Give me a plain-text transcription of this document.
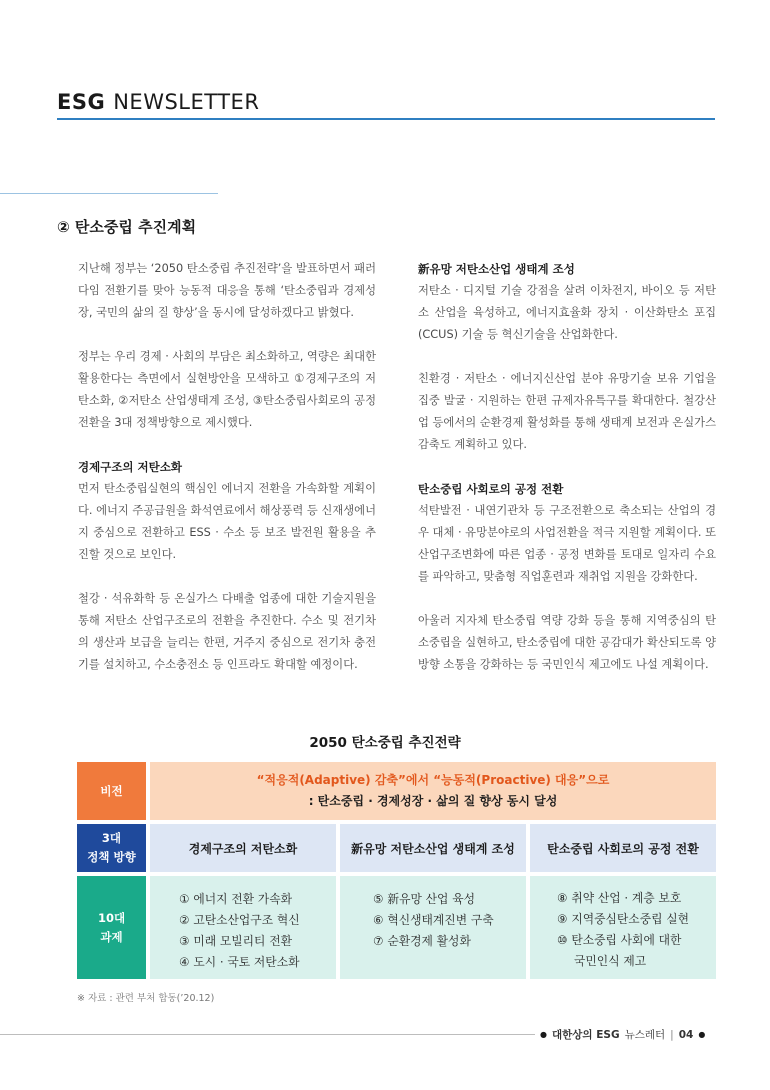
ESG NEWSLETTER
② 탄소중립 추진계획

지난해 정부는 ‘2050 탄소중립 추진전략’을 발표하면서 패러다임 전환기를 맞아 능동적 대응을 통해 ‘탄소중립과 경제성장, 국민의 삶의 질 향상’을 동시에 달성하겠다고 밝혔다.

정부는 우리 경제 · 사회의 부담은 최소화하고, 역량은 최대한 활용한다는 측면에서 실현방안을 모색하고 ①경제구조의 저탄소화, ②저탄소 산업생태계 조성, ③탄소중립사회로의 공정전환을 3대 정책방향으로 제시했다.

경제구조의 저탄소화

먼저 탄소중립실현의 핵심인 에너지 전환을 가속화할 계획이다. 에너지 주공급원을 화석연료에서 해상풍력 등 신재생에너지 중심으로 전환하고 ESS · 수소 등 보조 발전원 활용을 추진할 것으로 보인다.

철강 · 석유화학 등 온실가스 다배출 업종에 대한 기술지원을 통해 저탄소 산업구조로의 전환을 추진한다. 수소 및 전기차의 생산과 보급을 늘리는 한편, 거주지 중심으로 전기차 충전기를 설치하고, 수소충전소 등 인프라도 확대할 예정이다.

新유망 저탄소산업 생태계 조성

저탄소 · 디지털 기술 강점을 살려 이차전지, 바이오 등 저탄소 산업을 육성하고, 에너지효율화 장치 · 이산화탄소 포집(CCUS) 기술 등 혁신기술을 산업화한다.

친환경 · 저탄소 · 에너지신산업 분야 유망기술 보유 기업을 집중 발굴 · 지원하는 한편 규제자유특구를 확대한다. 철강산업 등에서의 순환경제 활성화를 통해 생태계 보전과 온실가스 감축도 계획하고 있다.

탄소중립 사회로의 공정 전환

석탄발전 · 내연기관차 등 구조전환으로 축소되는 산업의 경우 대체 · 유망분야로의 사업전환을 적극 지원할 계획이다. 또 산업구조변화에 따른 업종 · 공정 변화를 토대로 일자리 수요를 파악하고, 맞춤형 직업훈련과 재취업 지원을 강화한다.

아울러 지자체 탄소중립 역량 강화 등을 통해 지역중심의 탄소중립을 실현하고, 탄소중립에 대한 공감대가 확산되도록 양방향 소통을 강화하는 등 국민인식 제고에도 나설 계획이다.

2050 탄소중립 추진전략
비전
“적응적(Adaptive) 감축”에서 “능동적(Proactive) 대응”으로
: 탄소중립 · 경제성장 · 삶의 질 향상 동시 달성
3대
정책 방향
경제구조의 저탄소화	新유망 저탄소산업 생태계 조성	탄소중립 사회로의 공정 전환
10대
과제
① 에너지 전환 가속화
② 고탄소산업구조 혁신
③ 미래 모빌리티 전환
④ 도시 · 국토 저탄소화
⑤ 新유망 산업 육성
⑥ 혁신생태계진변 구축
⑦ 순환경제 활성화
⑧ 취약 산업 · 계층 보호
⑨ 지역중심탄소중립 실현
⑩ 탄소중립 사회에 대한
국민인식 제고
※ 자료 : 관련 부처 합동(’20.12)
● 대한상의 ESG 뉴스레터 | 04 ●
